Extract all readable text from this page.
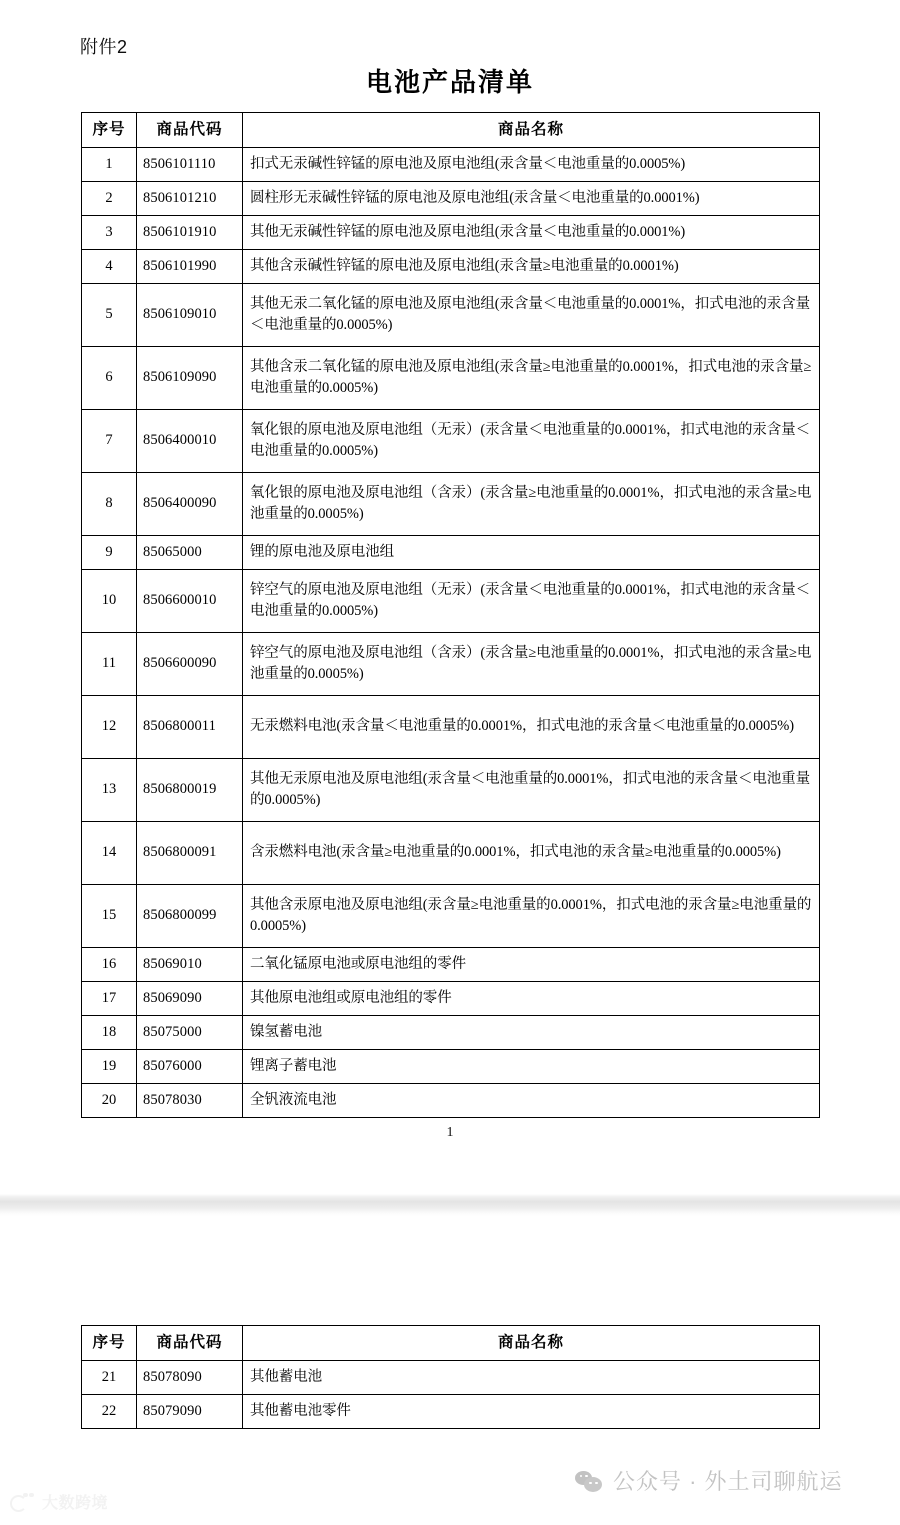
附件2
电池产品清单
序号	商品代码	商品名称
1	8506101110	扣式无汞碱性锌锰的原电池及原电池组(汞含量＜电池重量的0.0005%)
2	8506101210	圆柱形无汞碱性锌锰的原电池及原电池组(汞含量＜电池重量的0.0001%)
3	8506101910	其他无汞碱性锌锰的原电池及原电池组(汞含量＜电池重量的0.0001%)
4	8506101990	其他含汞碱性锌锰的原电池及原电池组(汞含量≥电池重量的0.0001%)
5	8506109010	其他无汞二氧化锰的原电池及原电池组(汞含量＜电池重量的0.0001%，扣式电池的汞含量＜电池重量的0.0005%)
6	8506109090	其他含汞二氧化锰的原电池及原电池组(汞含量≥电池重量的0.0001%，扣式电池的汞含量≥电池重量的0.0005%)
7	8506400010	氧化银的原电池及原电池组（无汞）(汞含量＜电池重量的0.0001%，扣式电池的汞含量＜电池重量的0.0005%)
8	8506400090	氧化银的原电池及原电池组（含汞）(汞含量≥电池重量的0.0001%，扣式电池的汞含量≥电池重量的0.0005%)
9	85065000	锂的原电池及原电池组
10	8506600010	锌空气的原电池及原电池组（无汞）(汞含量＜电池重量的0.0001%，扣式电池的汞含量＜电池重量的0.0005%)
11	8506600090	锌空气的原电池及原电池组（含汞）(汞含量≥电池重量的0.0001%，扣式电池的汞含量≥电池重量的0.0005%)
12	8506800011	无汞燃料电池(汞含量＜电池重量的0.0001%，扣式电池的汞含量＜电池重量的0.0005%)
13	8506800019	其他无汞原电池及原电池组(汞含量＜电池重量的0.0001%，扣式电池的汞含量＜电池重量的0.0005%)
14	8506800091	含汞燃料电池(汞含量≥电池重量的0.0001%，扣式电池的汞含量≥电池重量的0.0005%)
15	8506800099	其他含汞原电池及原电池组(汞含量≥电池重量的0.0001%，扣式电池的汞含量≥电池重量的0.0005%)
16	85069010	二氧化锰原电池或原电池组的零件
17	85069090	其他原电池组或原电池组的零件
18	85075000	镍氢蓄电池
19	85076000	锂离子蓄电池
20	85078030	全钒液流电池
1
序号	商品代码	商品名称
21	85078090	其他蓄电池
22	85079090	其他蓄电池零件
公众号 · 外土司聊航运
大数跨境
